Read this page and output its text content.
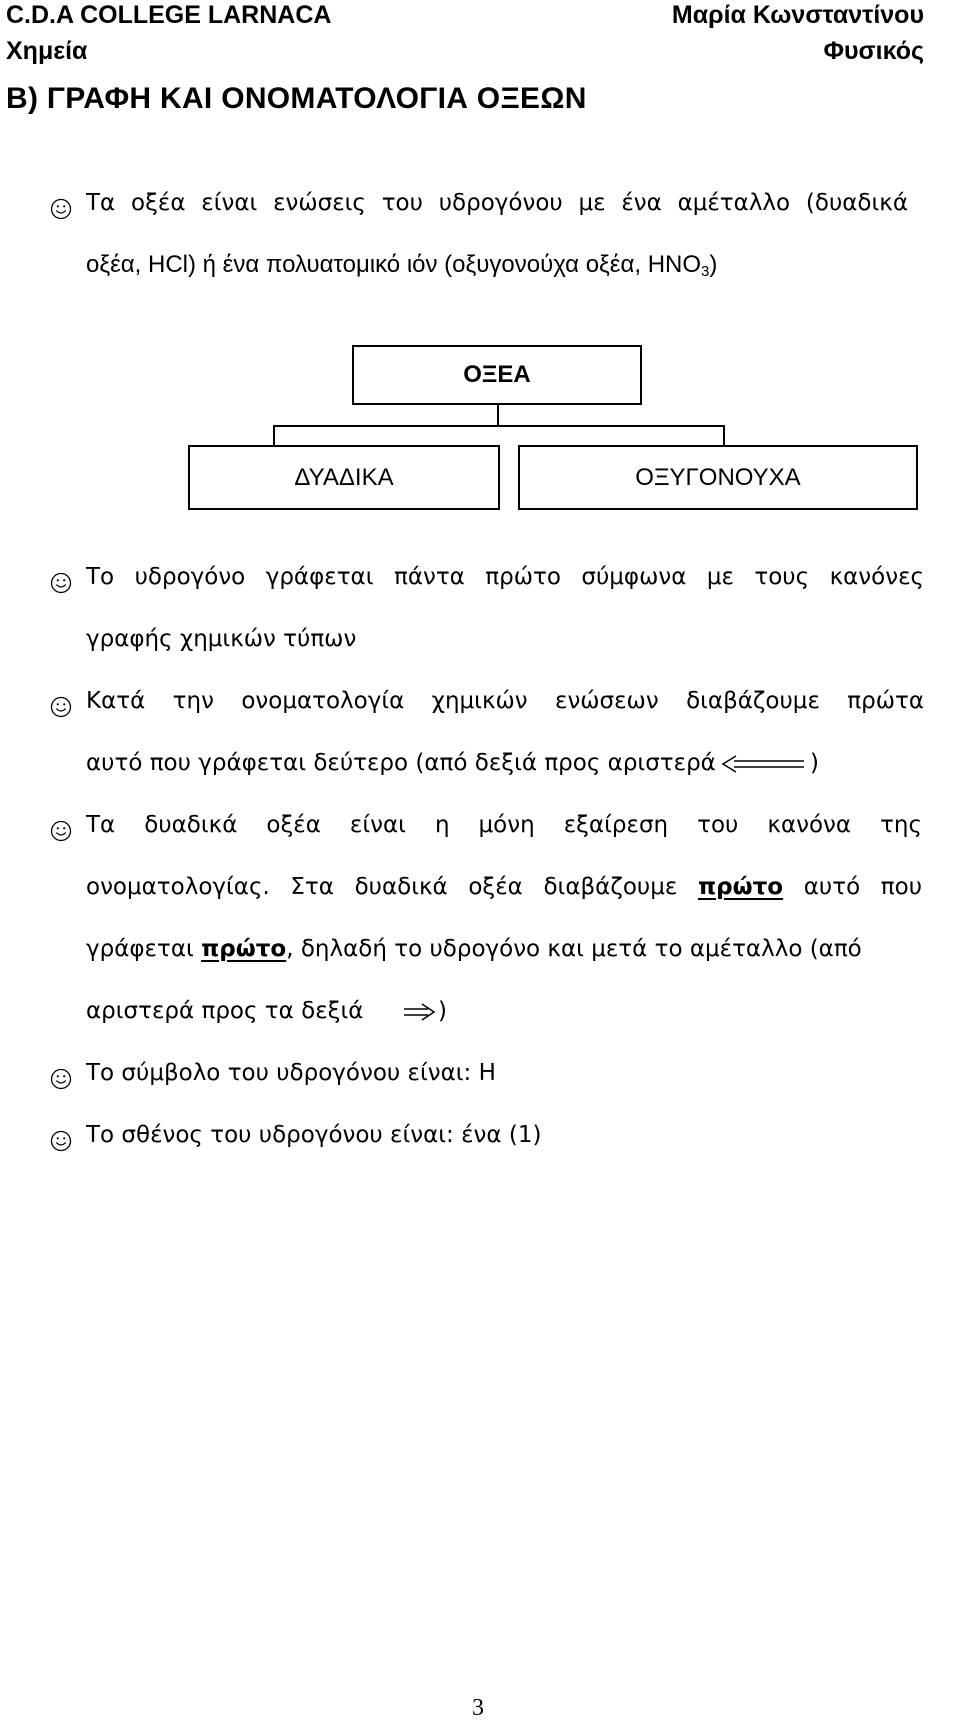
C.D.A COLLEGE LARNACA
Χημεία
Μαρία Κωνσταντίνου
Φυσικός
B) ΓΡΑΦΗ ΚΑΙ ΟΝΟΜΑΤΟΛΟΓΙΑ ΟΞΕΩΝ
Τα οξέα είναι ενώσεις του υδρογόνου με ένα αμέταλλο (δυαδικά
οξέα, HCl) ή ένα πολυατομικό ιόν (οξυγονούχα οξέα, HNO3)
ΟΞΕΑ
ΔΥΑΔΙΚΑ	ΟΞΥΓΟΝΟΥΧΑ
Το υδρογόνο γράφεται πάντα πρώτο σύμφωνα με τους κανόνες
γραφής χημικών τύπων
Κατά την ονοματολογία χημικών ενώσεων διαβάζουμε πρώτα
αυτό που γράφεται δεύτερο (από δεξιά προς αριστερά	)
Τα δυαδικά οξέα είναι η μόνη εξαίρεση του κανόνα της
ονοματολογίας. Στα δυαδικά οξέα διαβάζουμε πρώτο αυτό που
γράφεται πρώτο, δηλαδή το υδρογόνο και μετά το αμέταλλο (από
αριστερά προς τα δεξιά	)
Το σύμβολο του υδρογόνου είναι: Η
Το σθένος του υδρογόνου είναι: ένα (1)
3
